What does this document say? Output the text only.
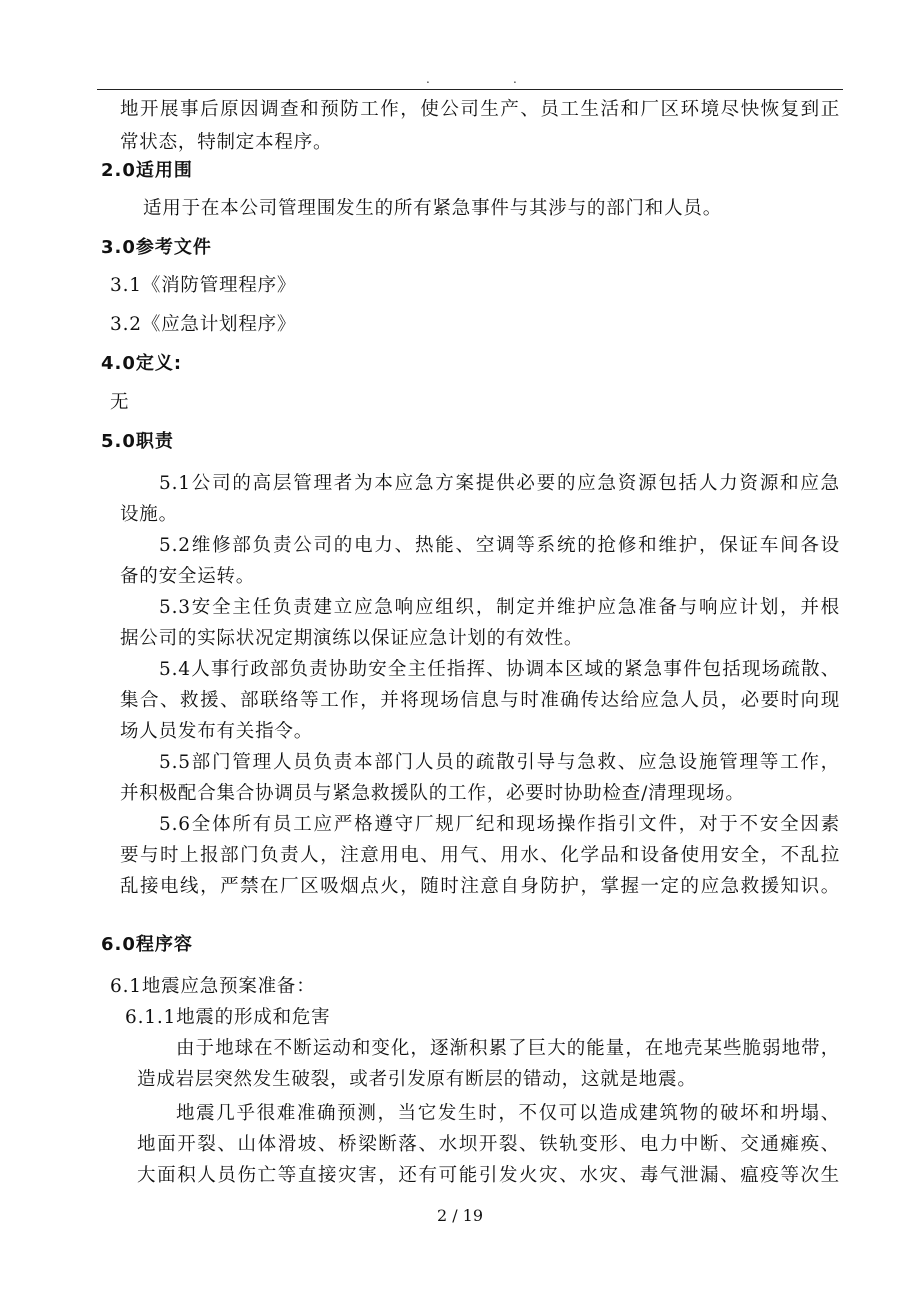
.	.
地开展事后原因调查和预防工作，使公司生产、员工生活和厂区环境尽快恢复到正
常状态，特制定本程序。
2.0适用围
适用于在本公司管理围发生的所有紧急事件与其涉与的部门和人员。
3.0参考文件
3.1《消防管理程序》
3.2《应急计划程序》
4.0定义:
无
5.0职责
5.1公司的高层管理者为本应急方案提供必要的应急资源包括人力资源和应急
设施。
5.2维修部负责公司的电力、热能、空调等系统的抢修和维护，保证车间各设
备的安全运转。
5.3安全主任负责建立应急响应组织，制定并维护应急准备与响应计划，并根
据公司的实际状况定期演练以保证应急计划的有效性。
5.4人事行政部负责协助安全主任指挥、协调本区域的紧急事件包括现场疏散、
集合、救援、部联络等工作，并将现场信息与时准确传达给应急人员，必要时向现
场人员发布有关指令。
5.5部门管理人员负责本部门人员的疏散引导与急救、应急设施管理等工作，
并积极配合集合协调员与紧急救援队的工作，必要时协助检查/清理现场。
5.6全体所有员工应严格遵守厂规厂纪和现场操作指引文件，对于不安全因素
要与时上报部门负责人，注意用电、用气、用水、化学品和设备使用安全，不乱拉
乱接电线，严禁在厂区吸烟点火，随时注意自身防护，掌握一定的应急救援知识。
6.0程序容
6.1地震应急预案准备：
6.1.1地震的形成和危害
由于地球在不断运动和变化，逐渐积累了巨大的能量，在地壳某些脆弱地带，
造成岩层突然发生破裂，或者引发原有断层的错动，这就是地震。
地震几乎很难准确预测，当它发生时，不仅可以造成建筑物的破坏和坍塌、
地面开裂、山体滑坡、桥梁断落、水坝开裂、铁轨变形、电力中断、交通瘫痪、
大面积人员伤亡等直接灾害，还有可能引发火灾、水灾、毒气泄漏、瘟疫等次生
2 / 19
